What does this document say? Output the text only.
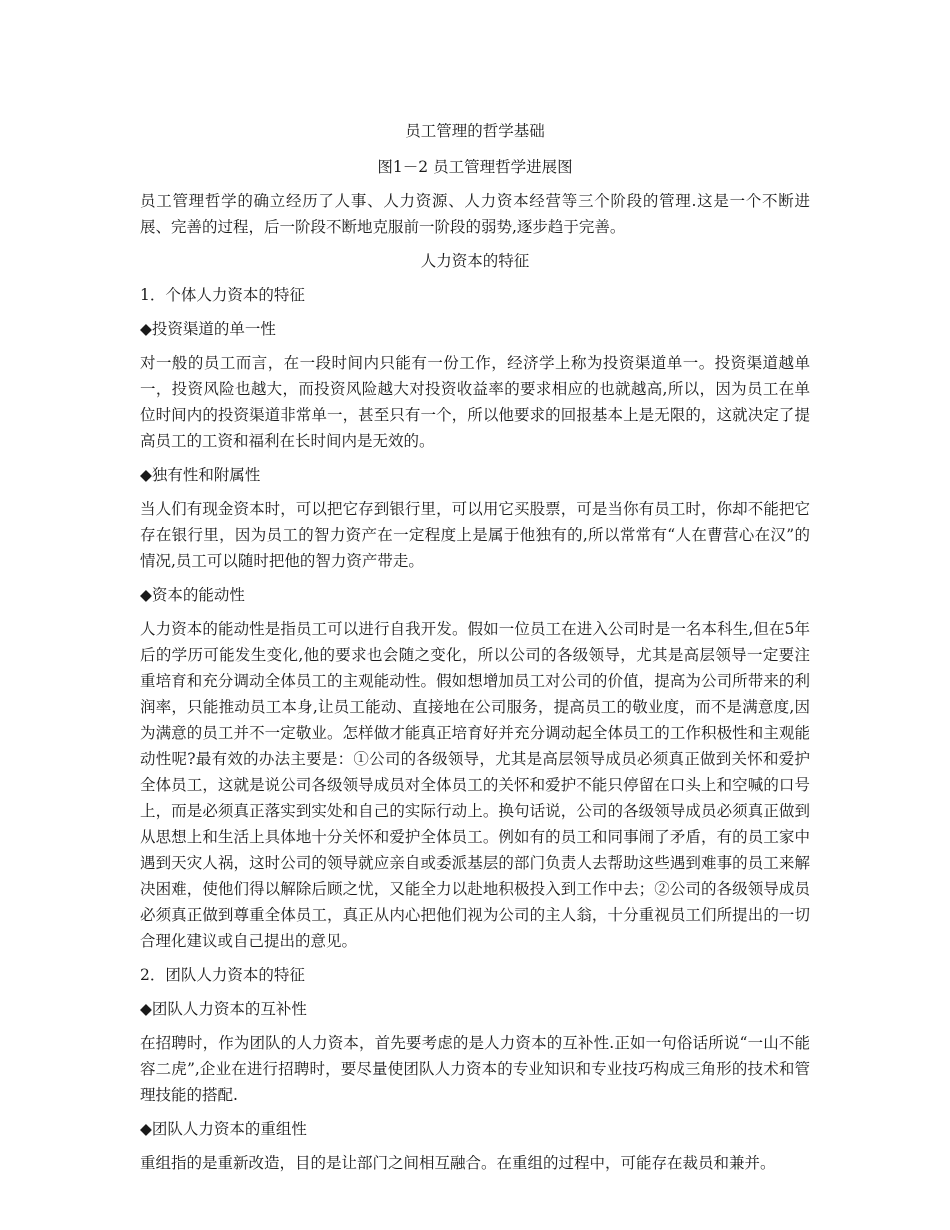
员工管理的哲学基础
图1－2 员工管理哲学进展图

员工管理哲学的确立经历了人事、人力资源、人力资本经营等三个阶段的管理.这是一个不断进展、完善的过程，后一阶段不断地克服前一阶段的弱势,逐步趋于完善。

人力资本的特征
1．个体人力资本的特征
◆投资渠道的单一性

对一般的员工而言，在一段时间内只能有一份工作，经济学上称为投资渠道单一。投资渠道越单一，投资风险也越大，而投资风险越大对投资收益率的要求相应的也就越高,所以，因为员工在单位时间内的投资渠道非常单一，甚至只有一个，所以他要求的回报基本上是无限的，这就决定了提高员工的工资和福利在长时间内是无效的。

◆独有性和附属性

当人们有现金资本时，可以把它存到银行里，可以用它买股票，可是当你有员工时，你却不能把它存在银行里，因为员工的智力资产在一定程度上是属于他独有的,所以常常有“人在曹营心在汉”的情况,员工可以随时把他的智力资产带走。

◆资本的能动性

人力资本的能动性是指员工可以进行自我开发。假如一位员工在进入公司时是一名本科生,但在5年后的学历可能发生变化,他的要求也会随之变化，所以公司的各级领导，尤其是高层领导一定要注重培育和充分调动全体员工的主观能动性。假如想增加员工对公司的价值，提高为公司所带来的利润率，只能推动员工本身,让员工能动、直接地在公司服务，提高员工的敬业度，而不是满意度,因为满意的员工并不一定敬业。怎样做才能真正培育好并充分调动起全体员工的工作积极性和主观能动性呢?最有效的办法主要是：①公司的各级领导，尤其是高层领导成员必须真正做到关怀和爱护全体员工，这就是说公司各级领导成员对全体员工的关怀和爱护不能只停留在口头上和空喊的口号上，而是必须真正落实到实处和自己的实际行动上。换句话说，公司的各级领导成员必须真正做到从思想上和生活上具体地十分关怀和爱护全体员工。例如有的员工和同事闹了矛盾，有的员工家中遇到天灾人祸，这时公司的领导就应亲自或委派基层的部门负责人去帮助这些遇到难事的员工来解决困难，使他们得以解除后顾之忧，又能全力以赴地积极投入到工作中去；②公司的各级领导成员必须真正做到尊重全体员工，真正从内心把他们视为公司的主人翁，十分重视员工们所提出的一切合理化建议或自己提出的意见。

2．团队人力资本的特征
◆团队人力资本的互补性

在招聘时，作为团队的人力资本，首先要考虑的是人力资本的互补性.正如一句俗话所说“一山不能容二虎”,企业在进行招聘时，要尽量使团队人力资本的专业知识和专业技巧构成三角形的技术和管理技能的搭配.

◆团队人力资本的重组性

重组指的是重新改造，目的是让部门之间相互融合。在重组的过程中，可能存在裁员和兼并。
